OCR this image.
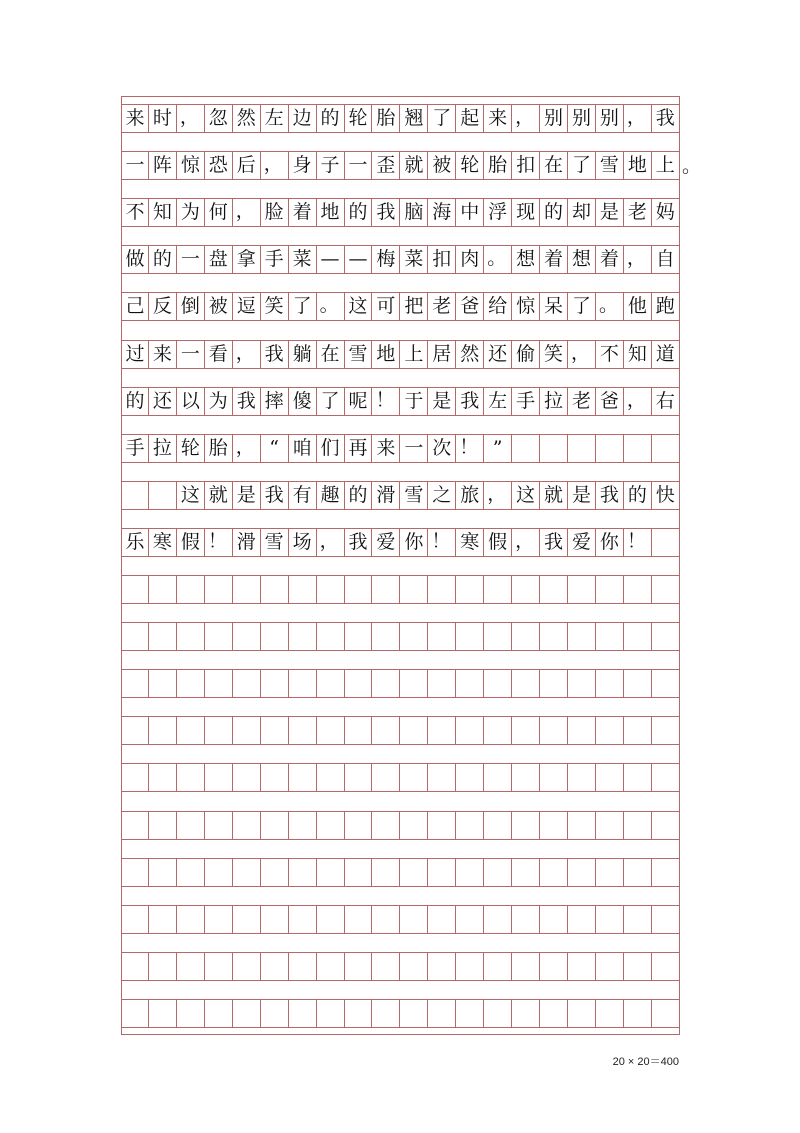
来 时 ， 忽 然 左 边 的 轮 胎 翘 了 起 来 ， 别 别 别 ， 我
一 阵 惊 恐 后 ， 身 子 一 歪 就 被 轮 胎 扣 在 了 雪 地 上
不 知 为 何 ， 脸 着 地 的 我 脑 海 中 浮 现 的 却 是 老 妈
做 的 一 盘 拿 手 菜 — — 梅 菜 扣 肉 。 想 着 想 着 ， 自
己 反 倒 被 逗 笑 了 。 这 可 把 老 爸 给 惊 呆 了 。 他 跑
过 来 一 看 ， 我 躺 在 雪 地 上 居 然 还 偷 笑 ， 不 知 道
的 还 以 为 我 摔 傻 了 呢 ！ 于 是 我 左 手 拉 老 爸 ， 右
手 拉 轮 胎 ， “ 咱 们 再 来 一 次 ！ ”
这 就 是 我 有 趣 的 滑 雪 之 旅 ， 这 就 是 我 的 快
乐 寒 假 ！ 滑 雪 场 ， 我 爱 你 ！ 寒 假 ， 我 爱 你 ！
20 × 20＝400
。
